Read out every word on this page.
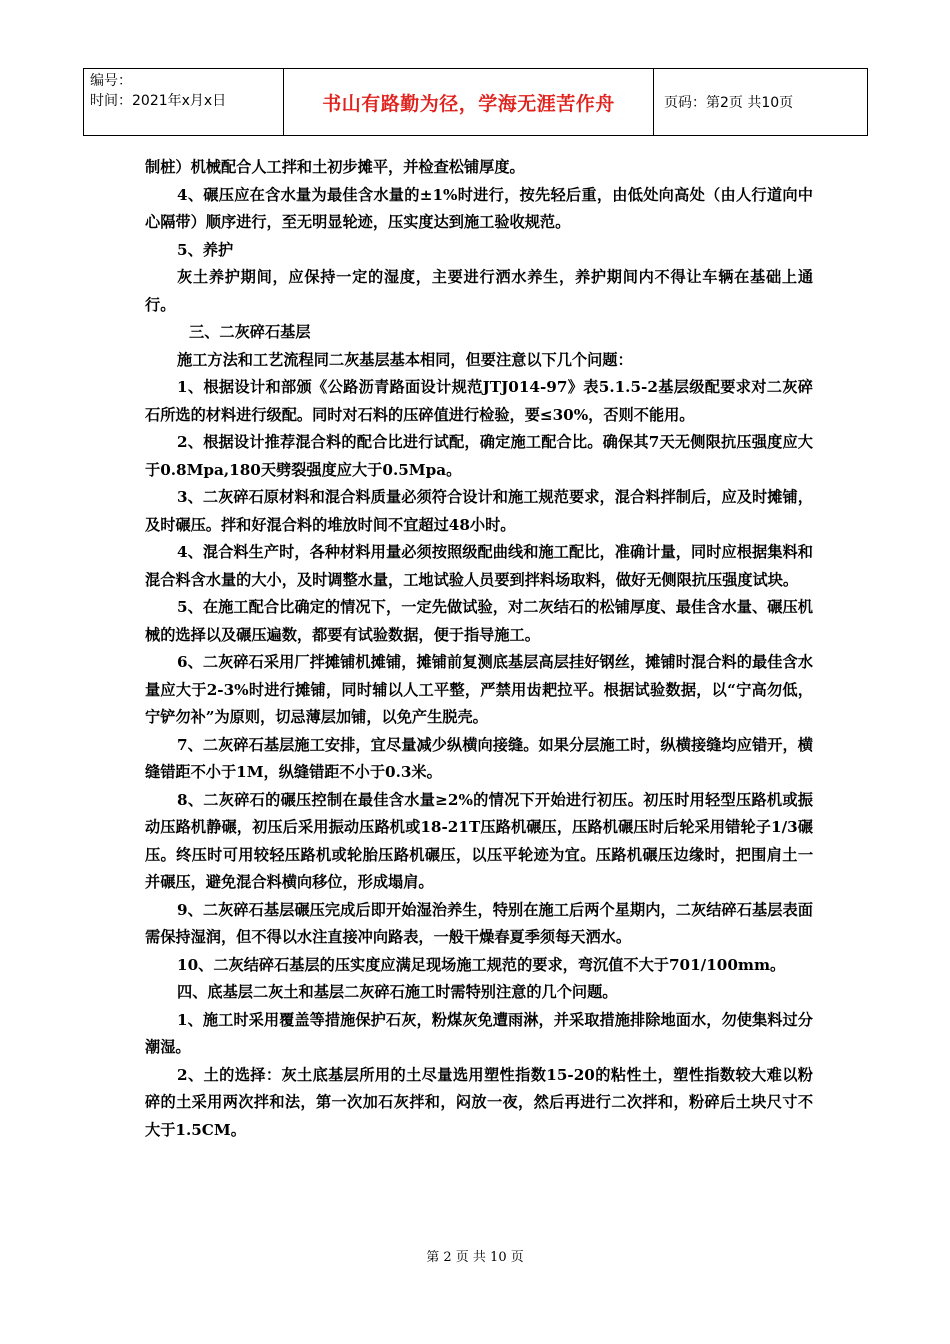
编号：
时间：2021年x月x日	书山有路勤为径，学海无涯苦作舟	页码：第2页 共10页

制桩）机械配合人工拌和土初步摊平，并检查松铺厚度。

4、碾压应在含水量为最佳含水量的±1%时进行，按先轻后重，由低处向高处（由人行道向中心隔带）顺序进行，至无明显轮迹，压实度达到施工验收规范。

5、养护

灰土养护期间，应保持一定的湿度，主要进行洒水养生，养护期间内不得让车辆在基础上通行。

三、二灰碎石基层

施工方法和工艺流程同二灰基层基本相同，但要注意以下几个问题：

1、根据设计和部颁《公路沥青路面设计规范JTJ014-97》表5.1.5-2基层级配要求对二灰碎石所选的材料进行级配。同时对石料的压碎值进行检验，要≤30%，否则不能用。

2、根据设计推荐混合料的配合比进行试配，确定施工配合比。确保其7天无侧限抗压强度应大于0.8Mpa,180天劈裂强度应大于0.5Mpa。

3、二灰碎石原材料和混合料质量必须符合设计和施工规范要求，混合料拌制后，应及时摊铺，及时碾压。拌和好混合料的堆放时间不宜超过48小时。

4、混合料生产时，各种材料用量必须按照级配曲线和施工配比，准确计量，同时应根据集料和混合料含水量的大小，及时调整水量，工地试验人员要到拌料场取料，做好无侧限抗压强度试块。

5、在施工配合比确定的情况下，一定先做试验，对二灰结石的松铺厚度、最佳含水量、碾压机械的选择以及碾压遍数，都要有试验数据，便于指导施工。

6、二灰碎石采用厂拌摊铺机摊铺，摊铺前复测底基层高层挂好钢丝，摊铺时混合料的最佳含水量应大于2-3%时进行摊铺，同时辅以人工平整，严禁用齿耙拉平。根据试验数据，以“宁高勿低，宁铲勿补”为原则，切忌薄层加铺，以免产生脱壳。

7、二灰碎石基层施工安排，宜尽量减少纵横向接缝。如果分层施工时，纵横接缝均应错开，横缝错距不小于1M，纵缝错距不小于0.3米。

8、二灰碎石的碾压控制在最佳含水量≥2%的情况下开始进行初压。初压时用轻型压路机或振动压路机静碾，初压后采用振动压路机或18-21T压路机碾压，压路机碾压时后轮采用错轮子1/3碾压。终压时可用较轻压路机或轮胎压路机碾压，以压平轮迹为宜。压路机碾压边缘时，把围肩土一并碾压，避免混合料横向移位，形成塌肩。

9、二灰碎石基层碾压完成后即开始湿治养生，特别在施工后两个星期内，二灰结碎石基层表面需保持湿润，但不得以水注直接冲向路表，一般干燥春夏季须每天洒水。

10、二灰结碎石基层的压实度应满足现场施工规范的要求，弯沉值不大于701/100mm。

四、底基层二灰土和基层二灰碎石施工时需特别注意的几个问题。

1、施工时采用覆盖等措施保护石灰，粉煤灰免遭雨淋，并采取措施排除地面水，勿使集料过分潮湿。

2、土的选择：灰土底基层所用的土尽量选用塑性指数15-20的粘性土，塑性指数较大难以粉碎的土采用两次拌和法，第一次加石灰拌和，闷放一夜，然后再进行二次拌和，粉碎后土块尺寸不大于1.5CM。

第 2 页 共 10 页
